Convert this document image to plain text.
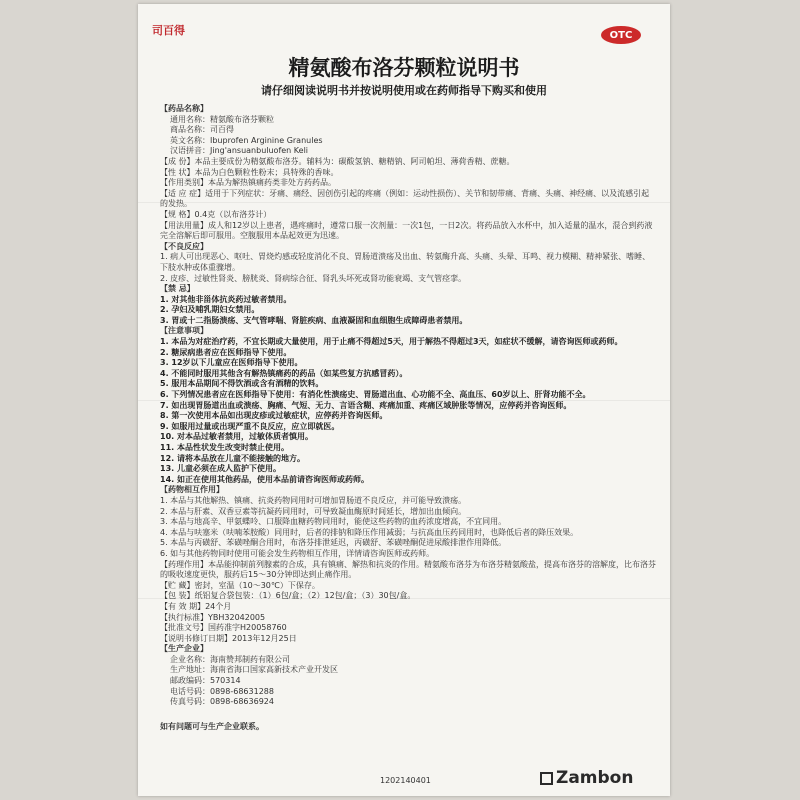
司百得	OTC
精氨酸布洛芬颗粒说明书
请仔细阅读说明书并按说明使用或在药师指导下购买和使用
【药品名称】
通用名称：精氨酸布洛芬颗粒
商品名称：司百得
英文名称：Ibuprofen Arginine Granules
汉语拼音：Jing'ansuanbuluofen Keli
【成 份】本品主要成份为精氨酸布洛芬。辅料为：碳酸氢钠、糖精钠、阿司帕坦、薄荷香精、蔗糖。
【性 状】本品为白色颗粒性粉末；具特殊的香味。
【作用类别】本品为解热镇痛药类非处方药药品。
【适 应 症】适用于下列症状：牙痛、痛经、因创伤引起的疼痛（例如：运动性损伤）、关节和韧带痛、背痛、头痛、神经痛、以及流感引起的发热。
【规 格】0.4克（以布洛芬计）
【用法用量】成人和12岁以上患者，遇疼痛时，遵常口服一次剂量：一次1包，一日2次。将药品放入水杯中，加入适量的温水，混合到药液完全溶解后即可服用。空腹服用本品起效更为迅速。
【不良反应】
1. 病人可出现恶心、呕吐、胃烧灼感或轻度消化不良、胃肠道溃疡及出血、转氨酶升高、头痛、头晕、耳鸣、视力模糊、精神紧张、嗜睡、下肢水肿或体重骤增。
2. 皮疹、过敏性肾炎、膀胱炎、肾病综合征、肾乳头坏死或肾功能衰竭、支气管痉挛。
【禁 忌】
1. 对其他非甾体抗炎药过敏者禁用。
2. 孕妇及哺乳期妇女禁用。
3. 胃或十二指肠溃疡、支气管哮喘、肾脏疾病、血液凝固和血细胞生成障碍患者禁用。
【注意事项】
1. 本品为对症治疗药，不宜长期或大量使用，用于止痛不得超过5天，用于解热不得超过3天，如症状不缓解，请咨询医师或药师。
2. 糖尿病患者应在医师指导下使用。
3. 12岁以下儿童应在医师指导下使用。
4. 不能同时服用其他含有解热镇痛药的药品（如某些复方抗感冒药）。
5. 服用本品期间不得饮酒或含有酒精的饮料。
6. 下列情况患者应在医师指导下使用：有消化性溃疡史、胃肠道出血、心功能不全、高血压、60岁以上、肝肾功能不全。
7. 如出现胃肠道出血或溃疡、胸痛、气短、无力、言语含糊、疼痛加重、疼痛区域肿胀等情况，应停药并咨询医师。
8. 第一次使用本品如出现皮疹或过敏症状，应停药并咨询医师。
9. 如服用过量或出现严重不良反应，应立即就医。
10. 对本品过敏者禁用，过敏体质者慎用。
11. 本品性状发生改变时禁止使用。
12. 请将本品放在儿童不能接触的地方。
13. 儿童必须在成人监护下使用。
14. 如正在使用其他药品，使用本品前请咨询医师或药师。
【药物相互作用】
1. 本品与其他解热、镇痛、抗炎药物同用时可增加胃肠道不良反应，并可能导致溃疡。
2. 本品与肝素、双香豆素等抗凝药同用时，可导致凝血酶原时间延长，增加出血倾向。
3. 本品与地高辛、甲氨蝶呤、口服降血糖药物同用时，能使这些药物的血药浓度增高，不宜同用。
4. 本品与呋塞米（呋喃苯胺酸）同用时，后者的排钠和降压作用减弱；与抗高血压药同用时，也降低后者的降压效果。
5. 本品与丙磺舒、苯磺唑酮合用时，布洛芬排泄延迟，丙磺舒、苯磺唑酮促进尿酸排泄作用降低。
6. 如与其他药物同时使用可能会发生药物相互作用，详情请咨询医师或药师。
【药理作用】本品能抑制前列腺素的合成，具有镇痛、解热和抗炎的作用。精氨酸布洛芬为布洛芬精氨酸盐，提高布洛芬的溶解度，比布洛芬的吸收速度更快，服药后15～30分钟即达到止痛作用。
【贮 藏】密封，室温（10～30℃）下保存。
【包 装】纸铝复合袋包装：（1）6包/盒；（2）12包/盒；（3）30包/盒。
【有 效 期】24个月
【执行标准】YBH32042005
【批准文号】国药准字H20058760
【说明书修订日期】2013年12月25日
【生产企业】
企业名称：海南赞邦制药有限公司
生产地址：海南省海口国家高新技术产业开发区
邮政编码：570314
电话号码：0898-68631288
传真号码：0898-68636924
如有问题可与生产企业联系。
1202140401	Zambon
